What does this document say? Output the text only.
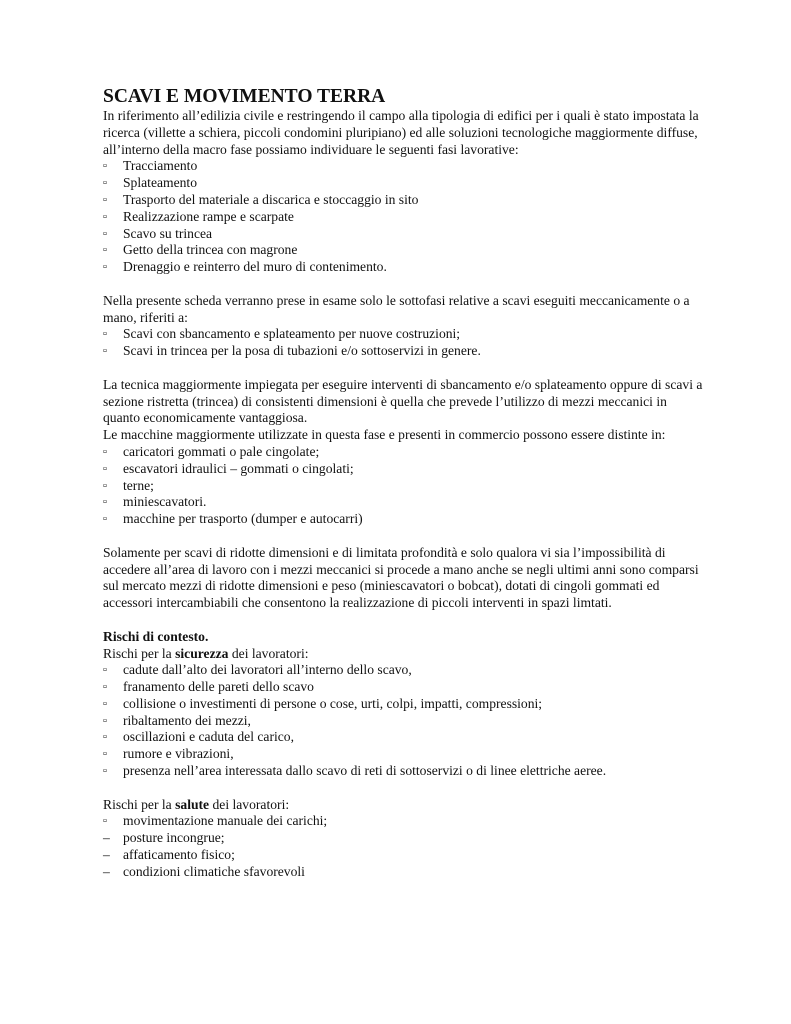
SCAVI E MOVIMENTO TERRA

In riferimento all’edilizia civile e restringendo il campo alla tipologia di edifici per i quali è stato impostata la ricerca (villette a schiera, piccoli condomini pluripiano) ed alle soluzioni tecnologiche maggiormente diffuse, all’interno della macro fase possiamo individuare le seguenti fasi lavorative:

▫	Tracciamento
▫	Splateamento
▫	Trasporto del materiale a discarica e stoccaggio in sito
▫	Realizzazione rampe e scarpate
▫	Scavo su trincea
▫	Getto della trincea con magrone
▫	Drenaggio e reinterro del muro di contenimento.

Nella presente scheda verranno prese in esame solo le sottofasi relative a scavi eseguiti meccanicamente o a mano, riferiti a:

▫	Scavi con sbancamento e splateamento per nuove costruzioni;
▫	Scavi in trincea per la posa di tubazioni e/o sottoservizi in genere.

La tecnica maggiormente impiegata per eseguire interventi di sbancamento e/o splateamento oppure di scavi a sezione ristretta (trincea) di consistenti dimensioni è quella che prevede l’utilizzo di mezzi meccanici in quanto economicamente vantaggiosa.

Le macchine maggiormente utilizzate in questa fase e presenti in commercio possono essere distinte in:

▫	caricatori gommati o pale cingolate;
▫	escavatori idraulici – gommati o cingolati;
▫	terne;
▫	miniescavatori.
▫	macchine per trasporto (dumper e autocarri)

Solamente per scavi di ridotte dimensioni e di limitata profondità e solo qualora vi sia l’impossibilità di accedere all’area di lavoro con i mezzi meccanici si procede a mano anche se negli ultimi anni sono comparsi sul mercato mezzi di ridotte dimensioni e peso (miniescavatori o bobcat), dotati di cingoli gommati ed accessori intercambiabili che consentono la realizzazione di piccoli interventi in spazi limtati.

Rischi di contesto.

Rischi per la sicurezza dei lavoratori:

▫	cadute dall’alto dei lavoratori all’interno dello scavo,
▫	franamento delle pareti dello scavo
▫	collisione o investimenti di persone o cose, urti, colpi, impatti, compressioni;
▫	ribaltamento dei mezzi,
▫	oscillazioni e caduta del carico,
▫	rumore e vibrazioni,
▫	presenza nell’area interessata dallo scavo di reti di sottoservizi o di linee elettriche aeree.

Rischi per la salute dei lavoratori:

▫	movimentazione manuale dei carichi;
– posture incongrue;
– affaticamento fisico;
– condizioni climatiche sfavorevoli
